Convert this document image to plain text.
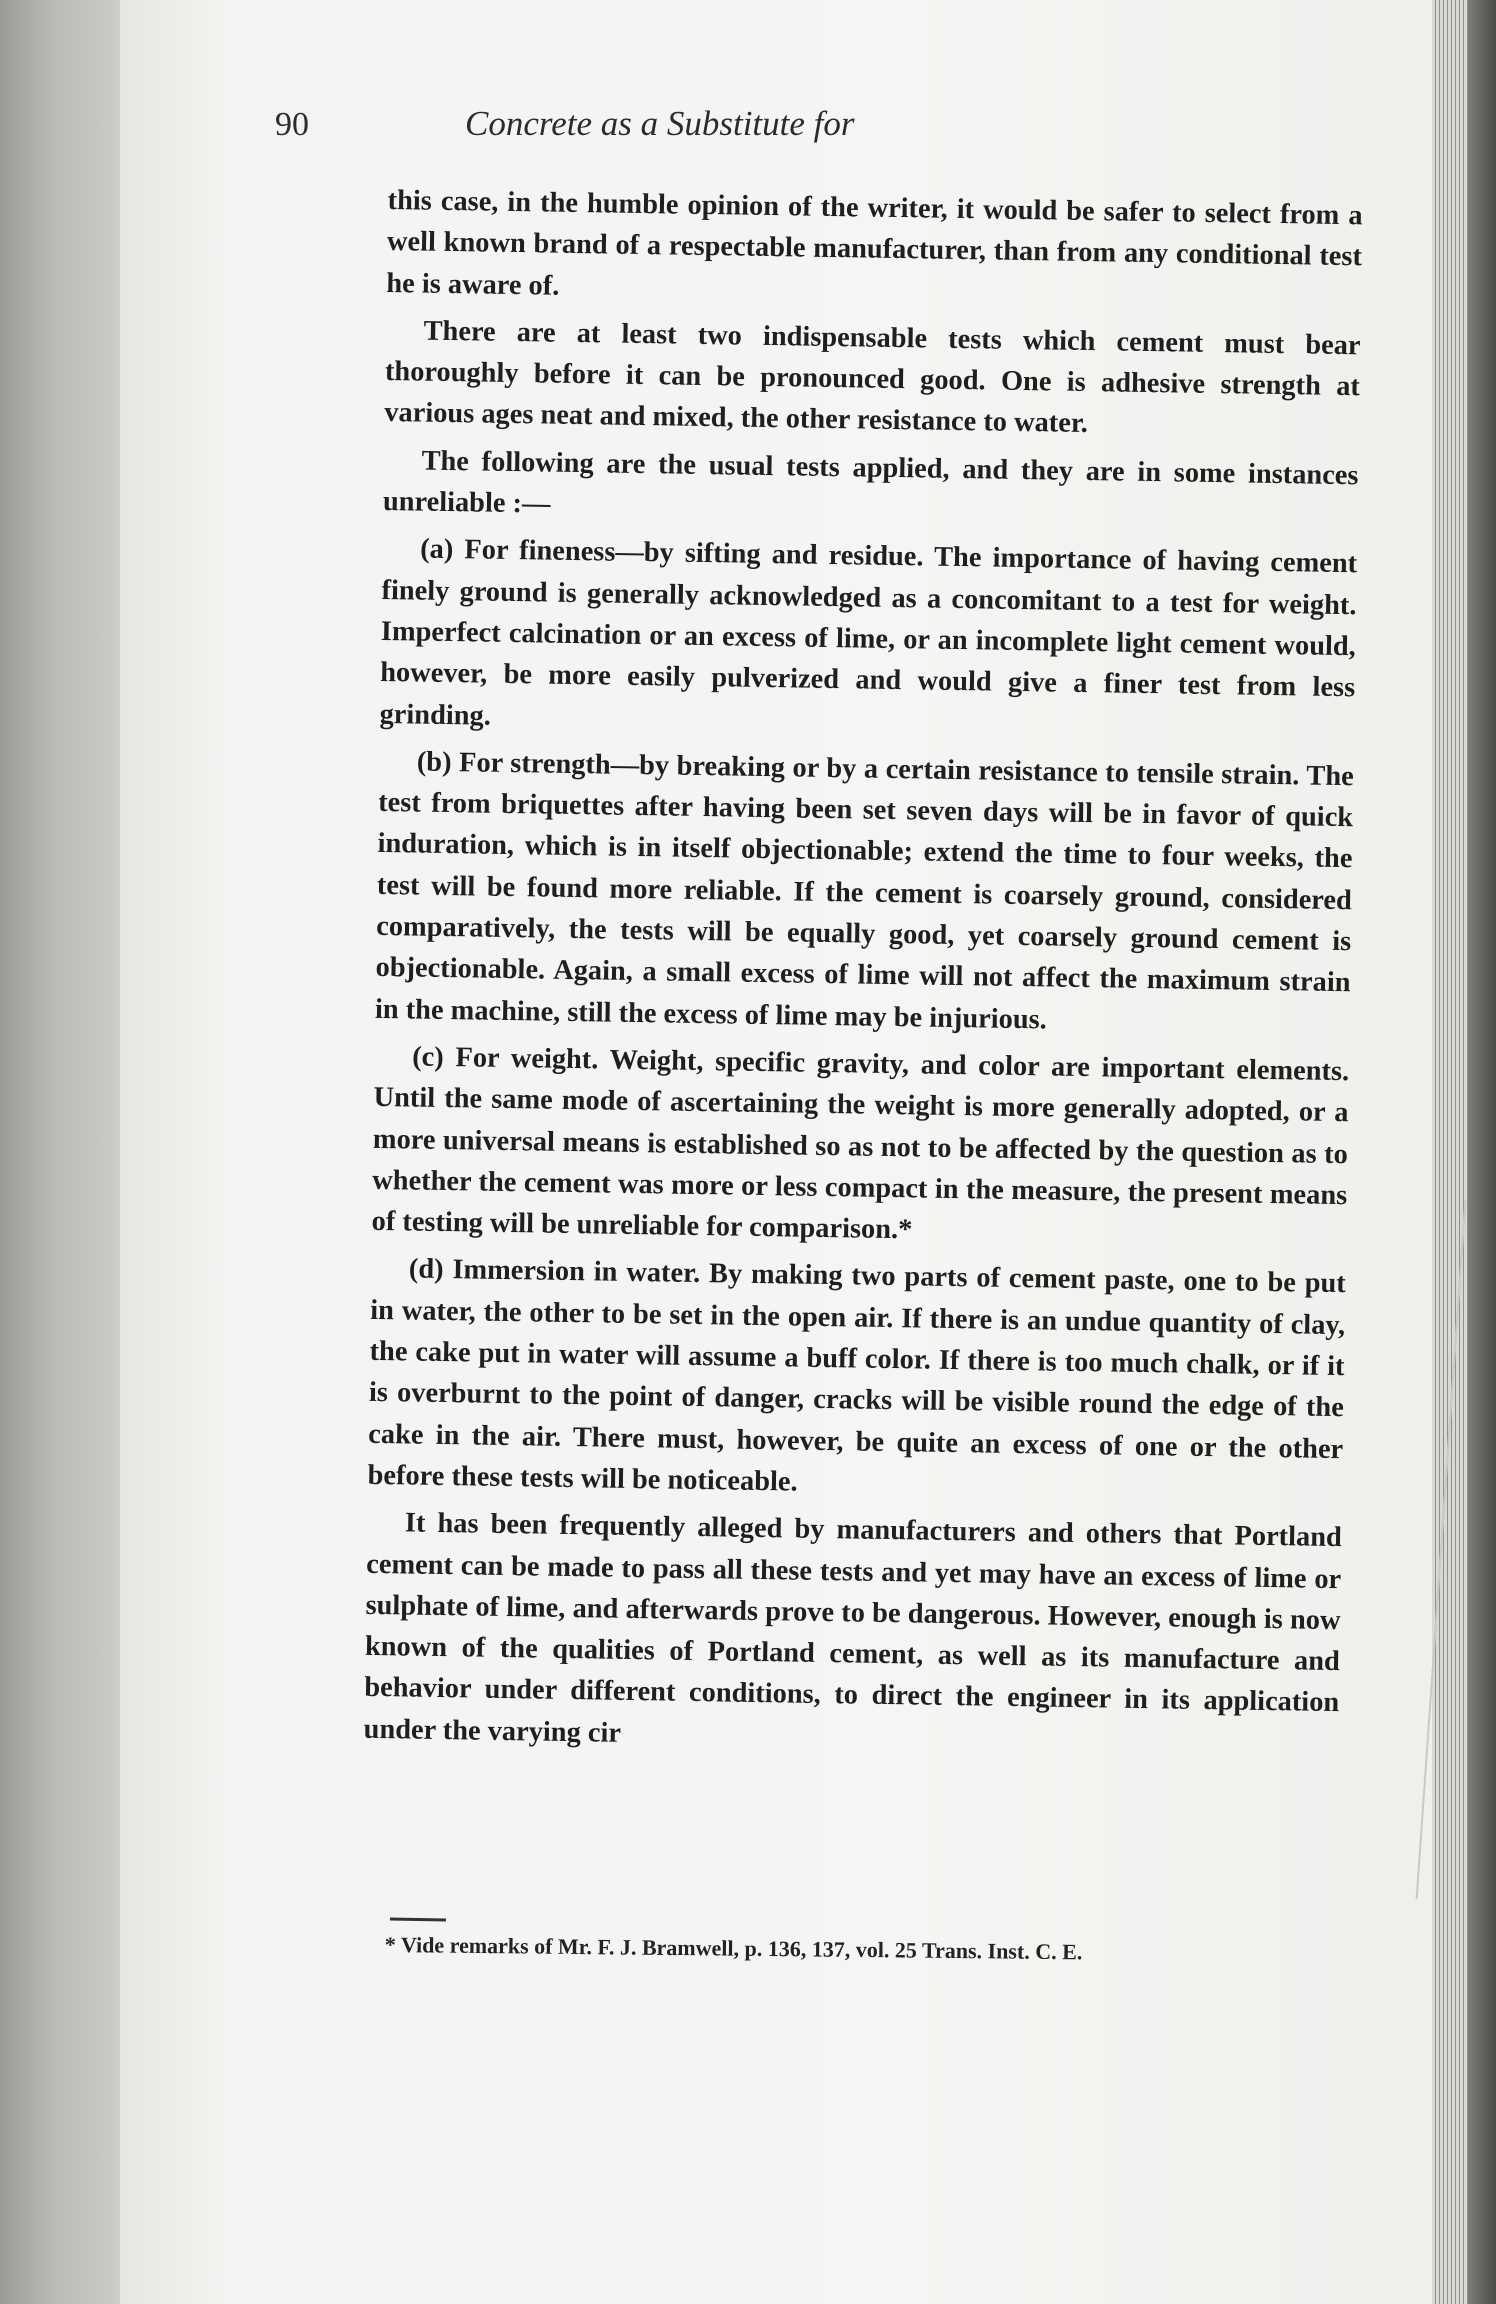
90	Concrete as a Substitute for

this case, in the humble opinion of the writer, it would be safer to select from a well known brand of a respectable manufacturer, than from any conditional test he is aware of.

There are at least two indispensable tests which cement must bear thoroughly before it can be pronounced good. One is adhesive strength at various ages neat and mixed, the other resistance to water.

The following are the usual tests applied, and they are in some instances unreliable :—

(a) For fineness—by sifting and residue. The importance of having cement finely ground is generally acknowledged as a concomitant to a test for weight. Imperfect calcination or an excess of lime, or an incomplete light cement would, however, be more easily pulverized and would give a finer test from less grinding.

(b) For strength—by breaking or by a certain resistance to tensile strain. The test from briquettes after having been set seven days will be in favor of quick induration, which is in itself objectionable; extend the time to four weeks, the test will be found more reliable. If the cement is coarsely ground, considered comparatively, the tests will be equally good, yet coarsely ground cement is objectionable. Again, a small excess of lime will not affect the maximum strain in the machine, still the excess of lime may be injurious.

(c) For weight. Weight, specific gravity, and color are important elements. Until the same mode of ascertaining the weight is more generally adopted, or a more universal means is established so as not to be affected by the question as to whether the cement was more or less compact in the measure, the present means of testing will be unreliable for comparison.*

(d) Immersion in water. By making two parts of cement paste, one to be put in water, the other to be set in the open air. If there is an undue quantity of clay, the cake put in water will assume a buff color. If there is too much chalk, or if it is overburnt to the point of danger, cracks will be visible round the edge of the cake in the air. There must, however, be quite an excess of one or the other before these tests will be noticeable.

It has been frequently alleged by manufacturers and others that Portland cement can be made to pass all these tests and yet may have an excess of lime or sulphate of lime, and afterwards prove to be dangerous. However, enough is now known of the qualities of Portland cement, as well as its manufacture and behavior under different conditions, to direct the engineer in its application under the varying cir

* Vide remarks of Mr. F. J. Bramwell, p. 136, 137, vol. 25 Trans. Inst. C. E.
